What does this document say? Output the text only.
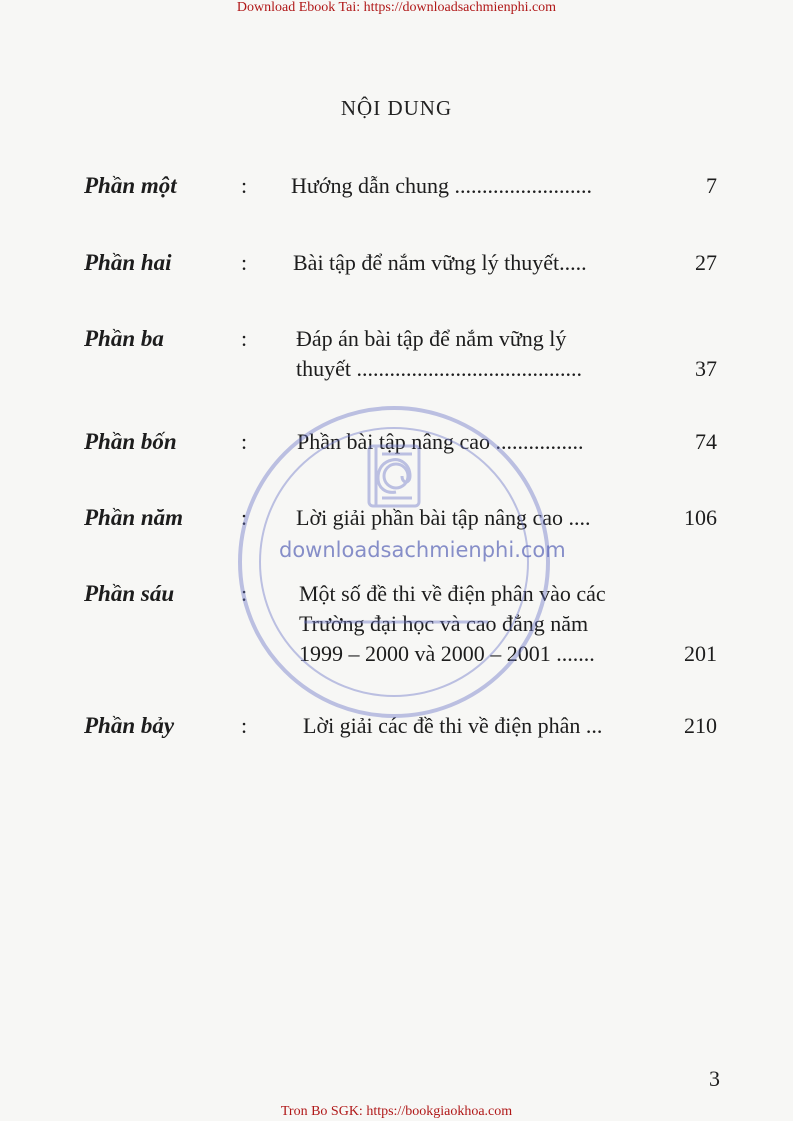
Download Ebook Tai: https://downloadsachmienphi.com
NỘI DUNG
Phần một	: Hướng dẫn chung .........................	7
Phần hai	: Bài tập để nắm vững lý thuyết.....	27
Phần ba	: Đáp án bài tập để nắm vững lý
thuyết .........................................	37
Phần bốn	: Phần bài tập nâng cao ................	74
Phần năm	: Lời giải phần bài tập nâng cao ....	106
Phần sáu	: Một số đề thi về điện phân vào các
Trường đại học và cao đẳng năm
1999 – 2000 và 2000 – 2001 .......	201
Phần bảy	:	Lời giải các đề thi về điện phân ...	210
downloadsachmienphi.com
3
Tron Bo SGK: https://bookgiaokhoa.com
